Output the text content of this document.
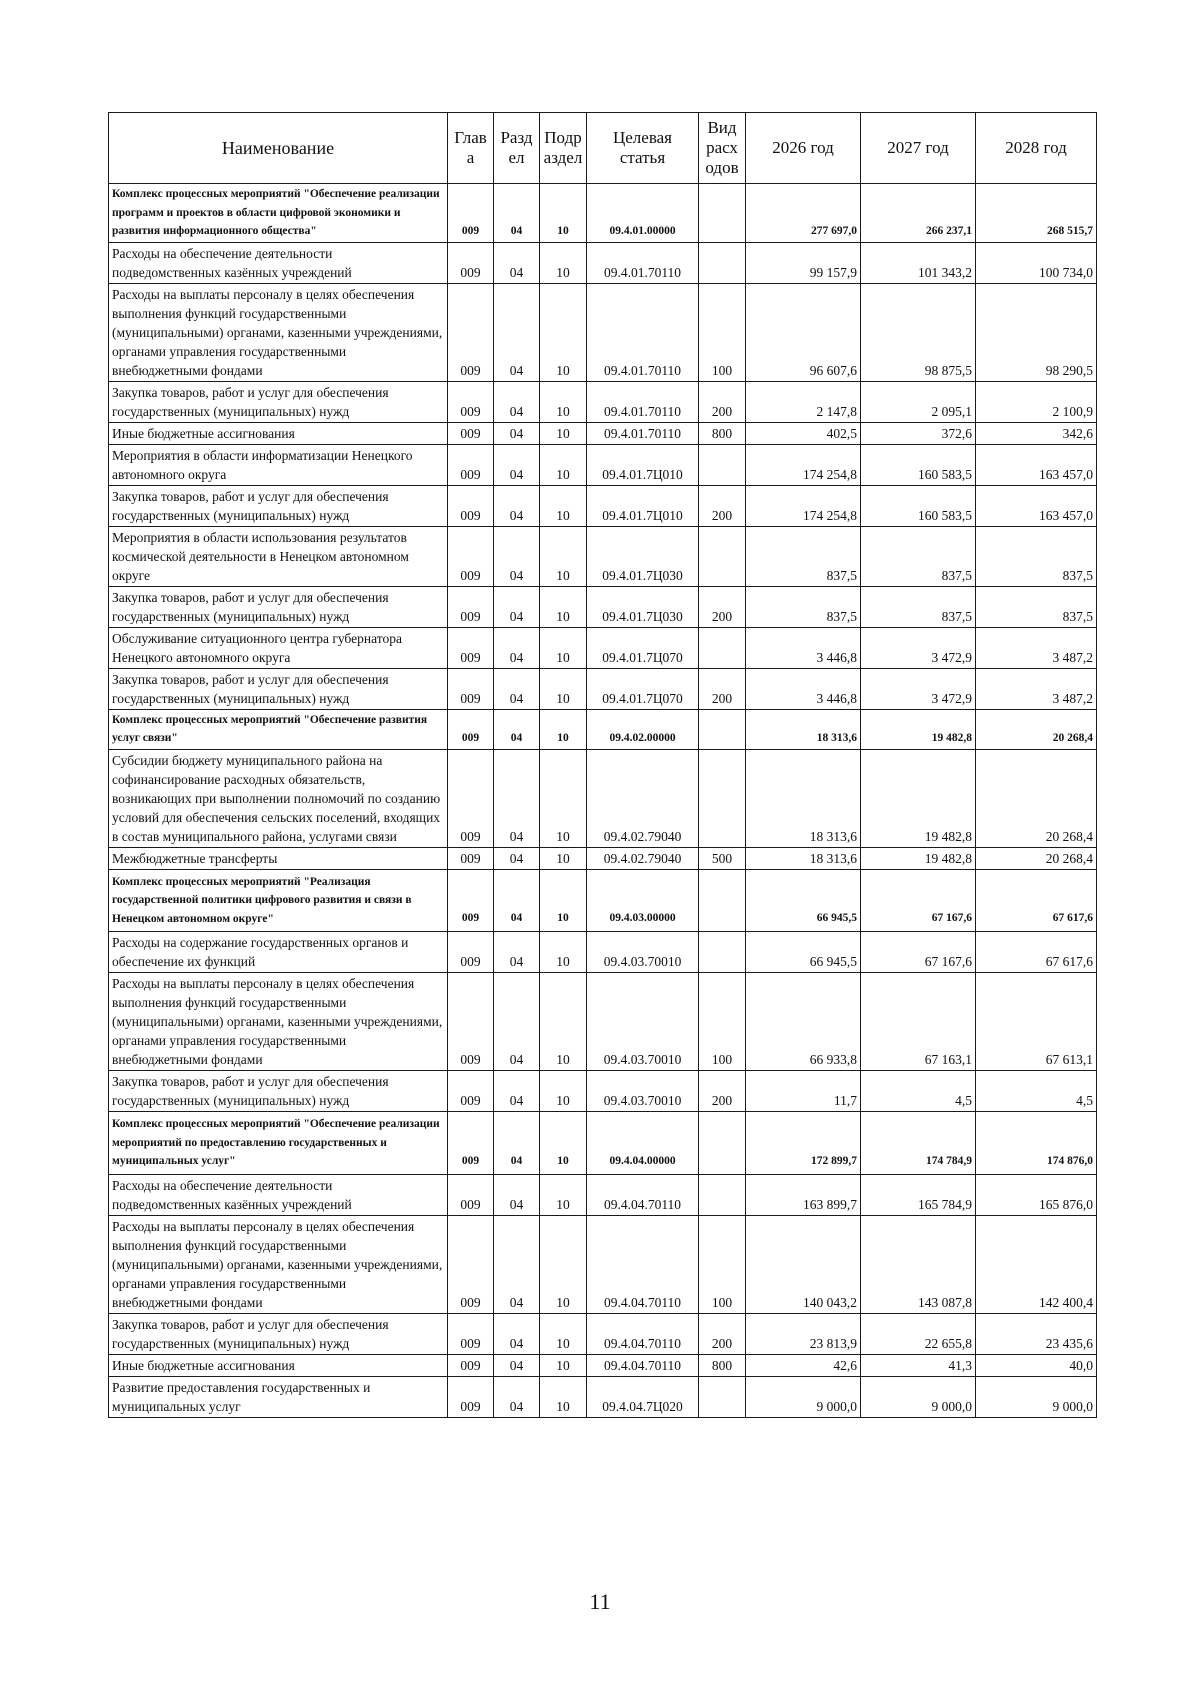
Наименование	Глав а	Разд ел	Подр аздел	Целевая статья	Вид расх одов	2026 год	2027 год	2028 год
Комплекс процессных мероприятий "Обеспечение реализации программ и проектов в области цифровой экономики и развития информационного общества"	009	04	10	09.4.01.00000		277 697,0	266 237,1	268 515,7
Расходы на обеспечение деятельности подведомственных казённых учреждений	009	04	10	09.4.01.70110		99 157,9	101 343,2	100 734,0
Расходы на выплаты персоналу в целях обеспечения выполнения функций государственными (муниципальными) органами, казенными учреждениями, органами управления государственными внебюджетными фондами	009	04	10	09.4.01.70110	100	96 607,6	98 875,5	98 290,5
Закупка товаров, работ и услуг для обеспечения государственных (муниципальных) нужд	009	04	10	09.4.01.70110	200	2 147,8	2 095,1	2 100,9
Иные бюджетные ассигнования	009	04	10	09.4.01.70110	800	402,5	372,6	342,6
Мероприятия в области информатизации Ненецкого автономного округа	009	04	10	09.4.01.7Ц010		174 254,8	160 583,5	163 457,0
Закупка товаров, работ и услуг для обеспечения государственных (муниципальных) нужд	009	04	10	09.4.01.7Ц010	200	174 254,8	160 583,5	163 457,0
Мероприятия в области использования результатов космической деятельности в Ненецком автономном округе	009	04	10	09.4.01.7Ц030		837,5	837,5	837,5
Закупка товаров, работ и услуг для обеспечения государственных (муниципальных) нужд	009	04	10	09.4.01.7Ц030	200	837,5	837,5	837,5
Обслуживание ситуационного центра губернатора Ненецкого автономного округа	009	04	10	09.4.01.7Ц070		3 446,8	3 472,9	3 487,2
Закупка товаров, работ и услуг для обеспечения государственных (муниципальных) нужд	009	04	10	09.4.01.7Ц070	200	3 446,8	3 472,9	3 487,2
Комплекс процессных мероприятий "Обеспечение развития услуг связи"	009	04	10	09.4.02.00000		18 313,6	19 482,8	20 268,4
Субсидии бюджету муниципального района на софинансирование расходных обязательств, возникающих при выполнении полномочий по созданию условий для обеспечения сельских поселений, входящих в состав муниципального района, услугами связи	009	04	10	09.4.02.79040		18 313,6	19 482,8	20 268,4
Межбюджетные трансферты	009	04	10	09.4.02.79040	500	18 313,6	19 482,8	20 268,4
Комплекс процессных мероприятий "Реализация государственной политики цифрового развития и связи в Ненецком автономном округе"	009	04	10	09.4.03.00000		66 945,5	67 167,6	67 617,6
Расходы на содержание государственных органов и обеспечение их функций	009	04	10	09.4.03.70010		66 945,5	67 167,6	67 617,6
Расходы на выплаты персоналу в целях обеспечения выполнения функций государственными (муниципальными) органами, казенными учреждениями, органами управления государственными внебюджетными фондами	009	04	10	09.4.03.70010	100	66 933,8	67 163,1	67 613,1
Закупка товаров, работ и услуг для обеспечения государственных (муниципальных) нужд	009	04	10	09.4.03.70010	200	11,7	4,5	4,5
Комплекс процессных мероприятий "Обеспечение реализации мероприятий по предоставлению государственных и муниципальных услуг"	009	04	10	09.4.04.00000		172 899,7	174 784,9	174 876,0
Расходы на обеспечение деятельности подведомственных казённых учреждений	009	04	10	09.4.04.70110		163 899,7	165 784,9	165 876,0
Расходы на выплаты персоналу в целях обеспечения выполнения функций государственными (муниципальными) органами, казенными учреждениями, органами управления государственными внебюджетными фондами	009	04	10	09.4.04.70110	100	140 043,2	143 087,8	142 400,4
Закупка товаров, работ и услуг для обеспечения государственных (муниципальных) нужд	009	04	10	09.4.04.70110	200	23 813,9	22 655,8	23 435,6
Иные бюджетные ассигнования	009	04	10	09.4.04.70110	800	42,6	41,3	40,0
Развитие предоставления государственных и муниципальных услуг	009	04	10	09.4.04.7Ц020		9 000,0	9 000,0	9 000,0
11
